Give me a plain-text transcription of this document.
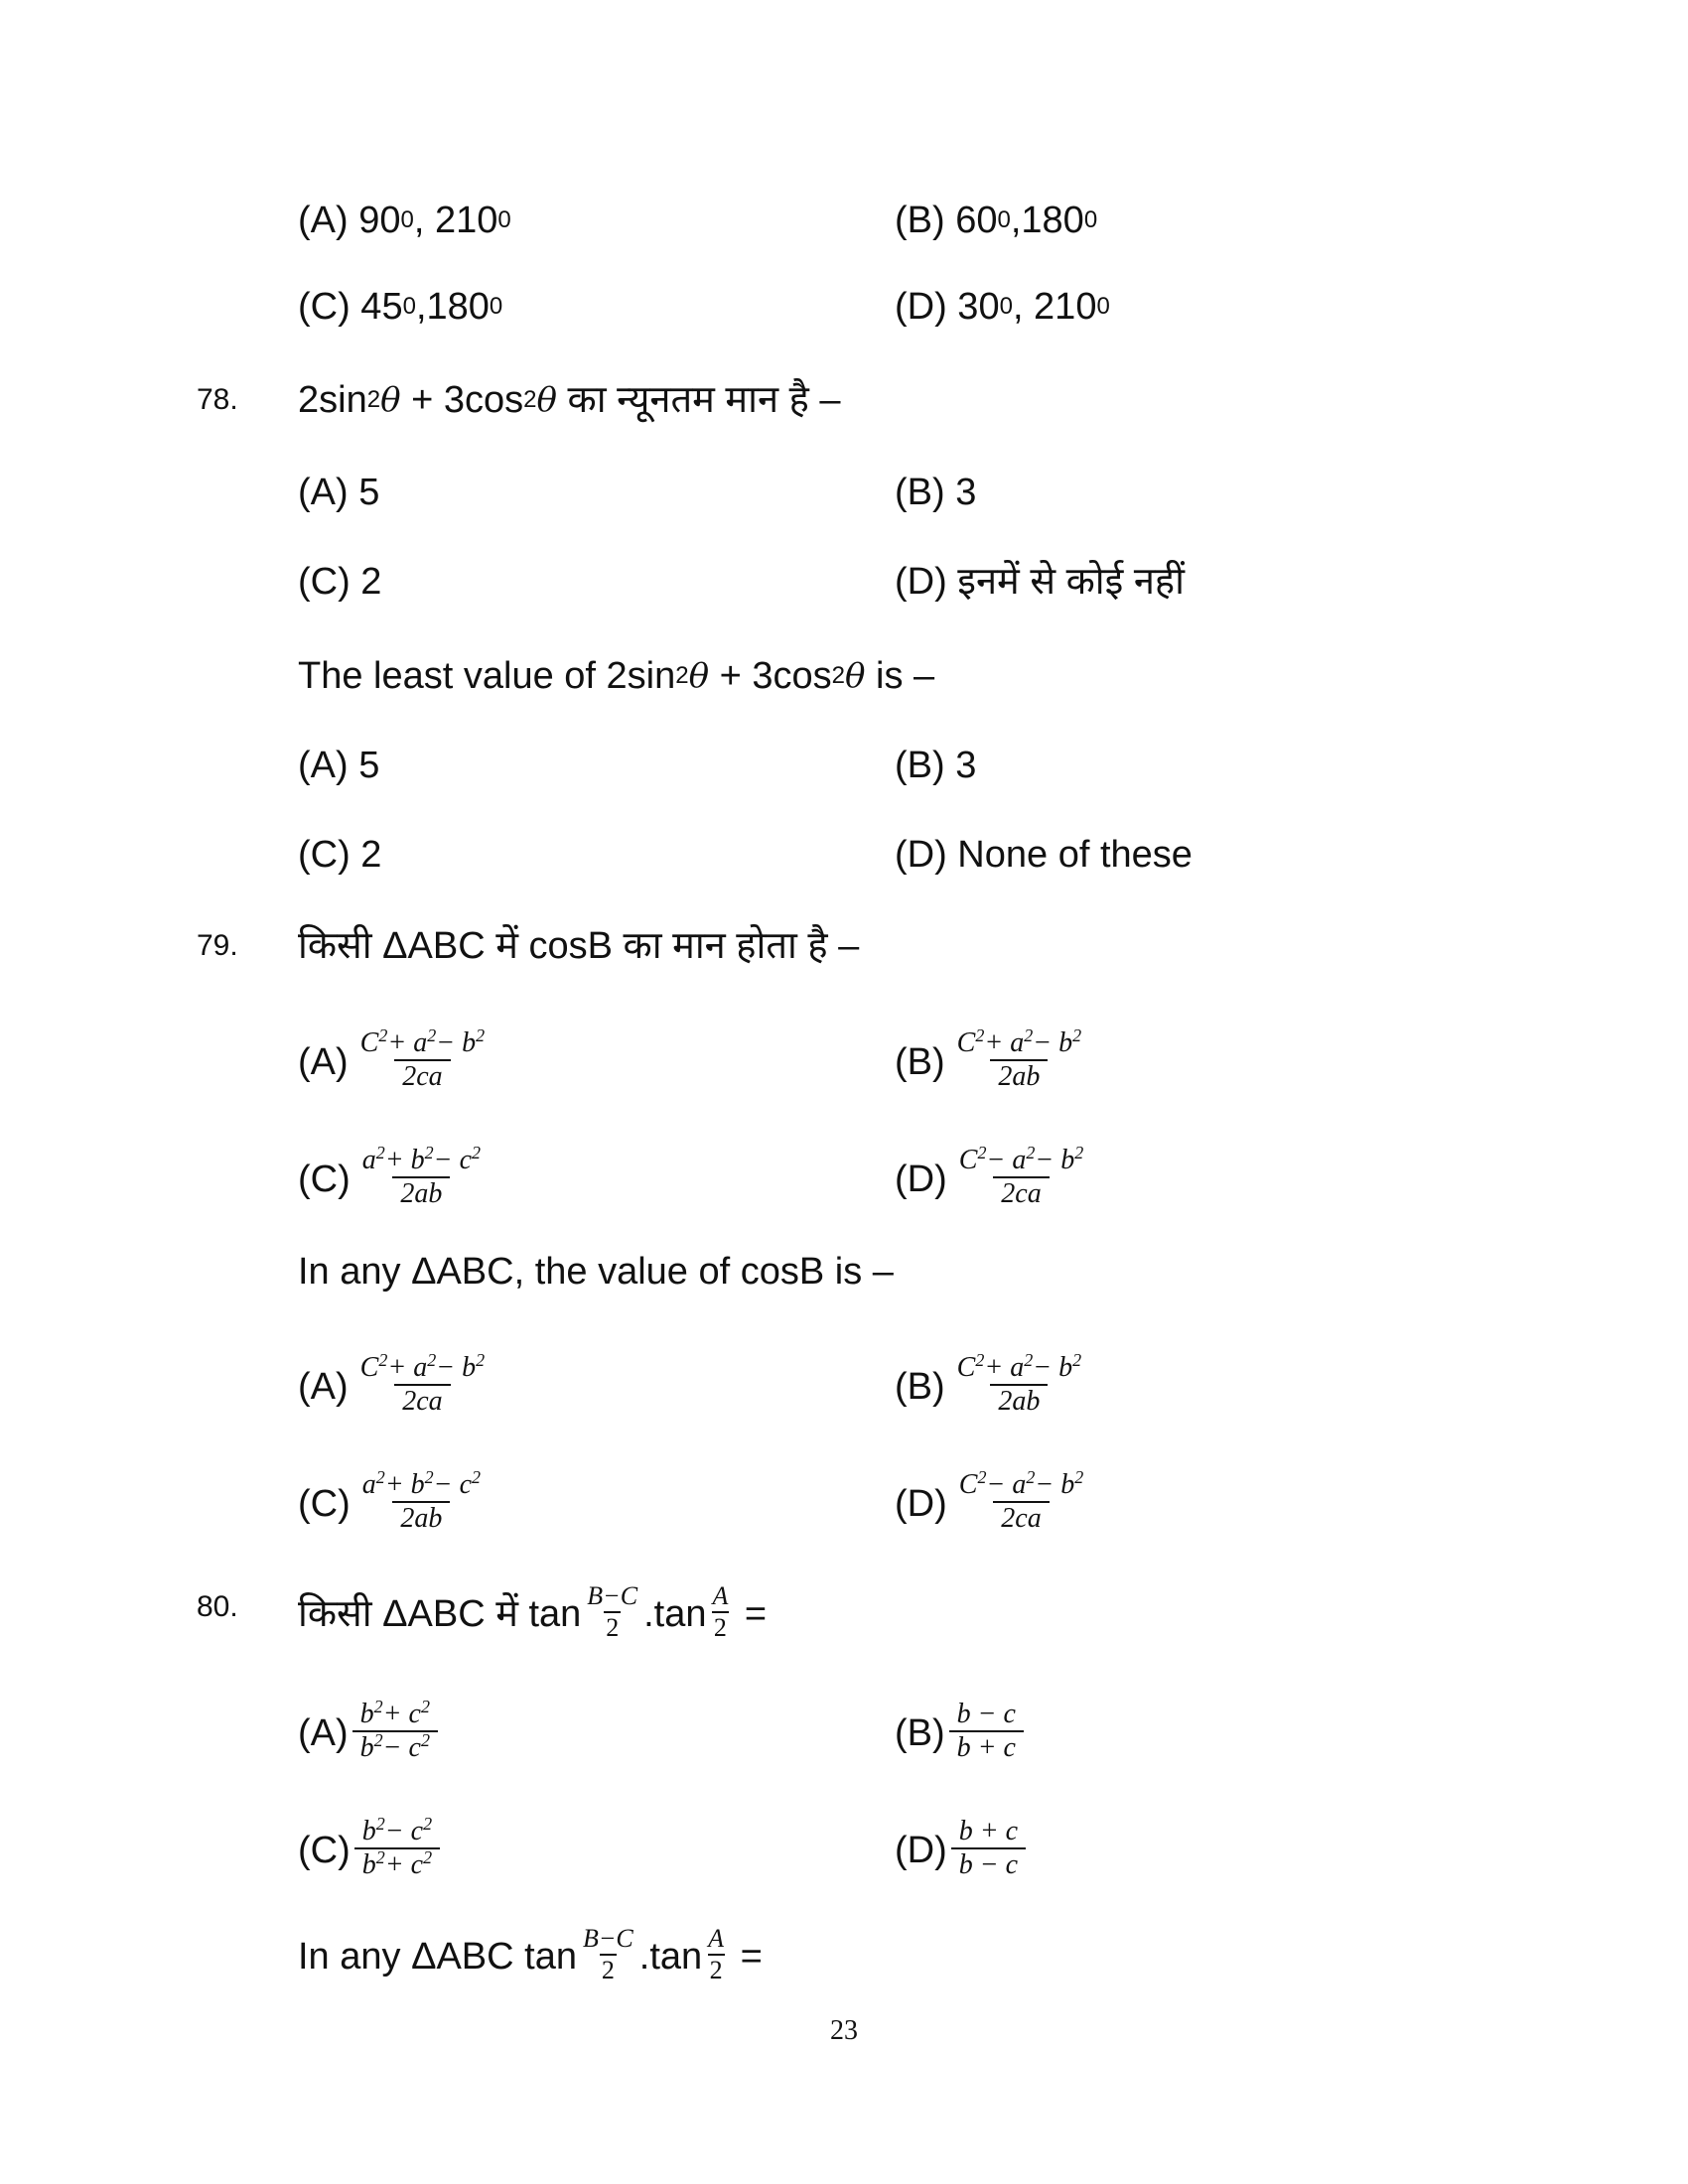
(A) 90 0 , 210 0	(B) 60 0 ,180 0
(C) 45 0 ,180 0	(D) 30 0 , 210 0
78. 2sin 2 θ + 3cos 2 θ का न्यूनतम मान है –
(A) 5	(B) 3
(C) 2	(D) इनमें से कोई नहीं
The least value of 2sin 2 θ + 3cos 2 θ is –
(A) 5	(B) 3
(C) 2	(D) None of these
79. किसी ΔABC में cosB का मान होता है –
$(A) \frac{C^2+ a^2- b^2}{2ca}$	$(B) \frac{C^2+ a^2- b^2}{2ab}$
$(C) \frac{a^2+ b^2- c^2}{2ab}$	$(D) \frac{C^2- a^2- b^2}{2ca}$
In any ΔABC, the value of cosB is –
$(A) \frac{C^2+ a^2- b^2}{2ca}$	$(B) \frac{C^2+ a^2- b^2}{2ab}$
$(C) \frac{a^2+ b^2- c^2}{2ab}$	$(D) \frac{C^2- a^2- b^2}{2ca}$
80. किसी ΔABC में $\tan \frac{B-C}{2} .\tan \frac{A}{2}$ =
$(A) \frac{b^2+ c^2}{b^2- c^2}$	$(B) \frac{b - c}{b + c}$
$(C) \frac{b^2- c^2}{b^2+ c^2}$	$(D) \frac{b + c}{b - c}$
In any ΔABC $\tan \frac{B-C}{2} .\tan \frac{A}{2}$ =
23
